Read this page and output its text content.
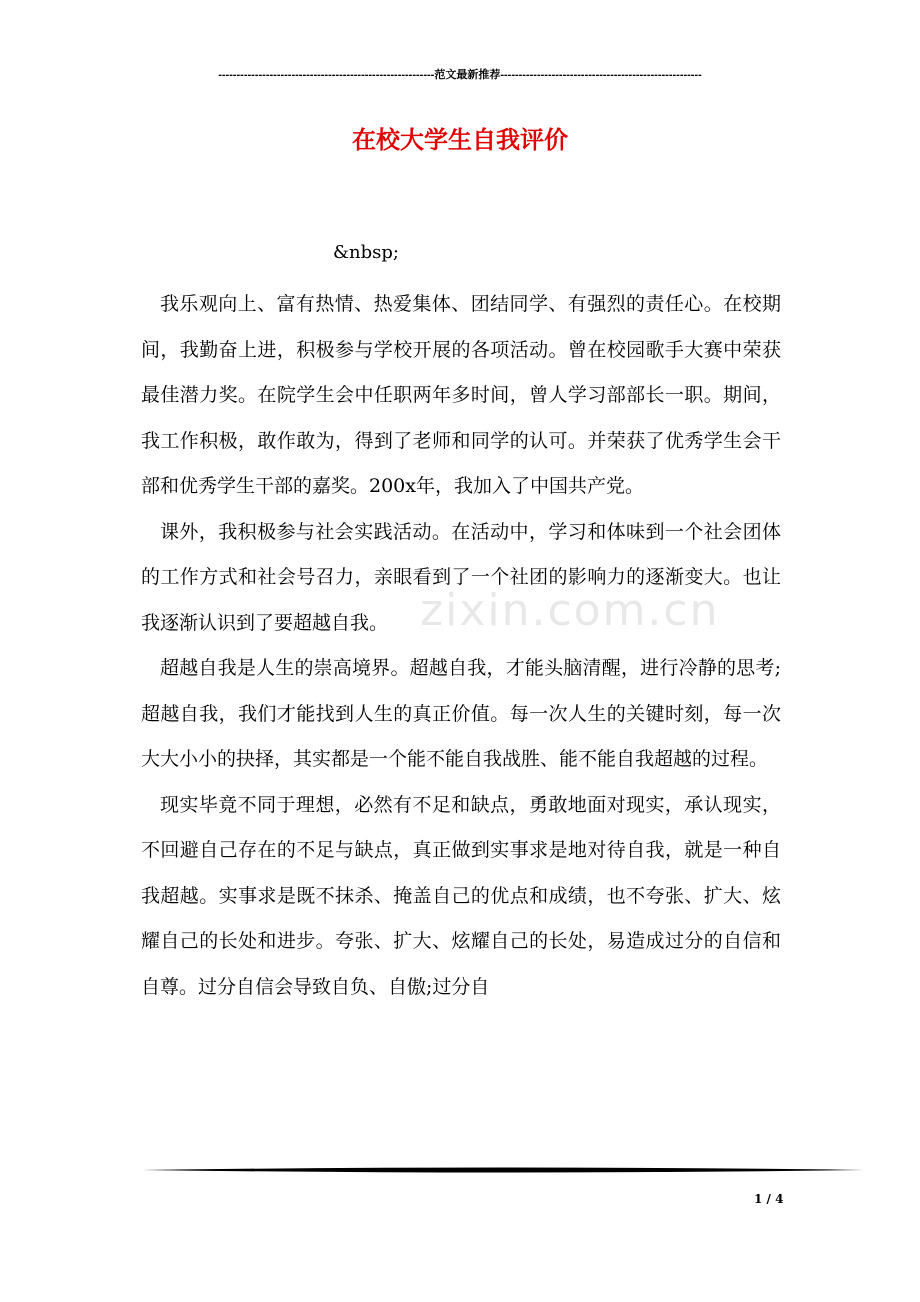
-----------------------------------------------------------范文最新推荐-------------------------------------------------------
在校大学生自我评价
&nbsp;

我乐观向上、富有热情、热爱集体、团结同学、有强烈的责任心。在校期间，我勤奋上进，积极参与学校开展的各项活动。曾在校园歌手大赛中荣获最佳潜力奖。在院学生会中任职两年多时间，曾人学习部部长一职。期间，我工作积极，敢作敢为，得到了老师和同学的认可。并荣获了优秀学生会干部和优秀学生干部的嘉奖。200x年，我加入了中国共产党。

课外，我积极参与社会实践活动。在活动中，学习和体味到一个社会团体的工作方式和社会号召力，亲眼看到了一个社团的影响力的逐渐变大。也让我逐渐认识到了要超越自我。

超越自我是人生的崇高境界。超越自我，才能头脑清醒，进行冷静的思考;超越自我，我们才能找到人生的真正价值。每一次人生的关键时刻，每一次大大小小的抉择，其实都是一个能不能自我战胜、能不能自我超越的过程。

现实毕竟不同于理想，必然有不足和缺点，勇敢地面对现实，承认现实，不回避自己存在的不足与缺点，真正做到实事求是地对待自我，就是一种自我超越。实事求是既不抹杀、掩盖自己的优点和成绩，也不夸张、扩大、炫耀自己的长处和进步。夸张、扩大、炫耀自己的长处，易造成过分的自信和自尊。过分自信会导致自负、自傲;过分自

zixin.com.cn
1 / 4
